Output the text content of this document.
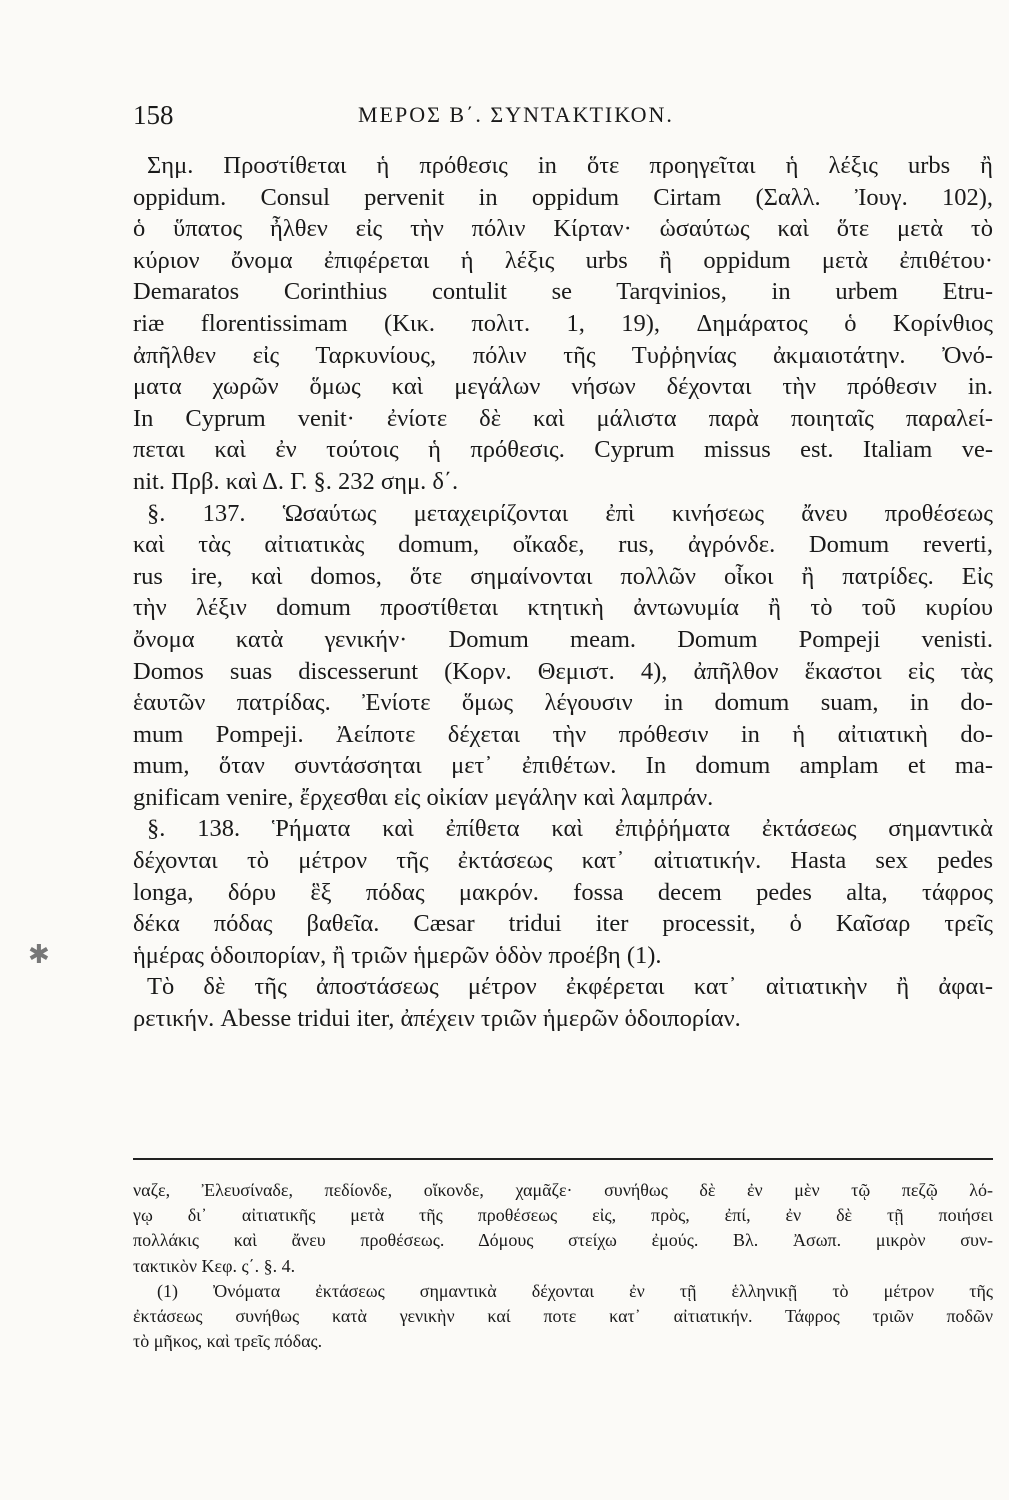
158	ΜΕΡΟΣ Β΄. ΣΥΝΤΑΚΤΙΚΟΝ.
Σημ. Προστίθεται ἡ πρόθεσις in ὅτε προηγεῖται ἡ λέξις urbs ἢ
oppidum. Consul pervenit in oppidum Cirtam (Σαλλ. Ἰουγ. 102),
ὁ ὕπατος ἦλθεν εἰς τὴν πόλιν Κίρταν· ὡσαύτως καὶ ὅτε μετὰ τὸ
κύριον ὄνομα ἐπιφέρεται ἡ λέξις urbs ἢ oppidum μετὰ ἐπιθέτου·
Demaratos Corinthius contulit se Tarqvinios, in urbem Etru-
riæ florentissimam (Κικ. πολιτ. 1, 19), Δημάρατος ὁ Κορίνθιος
ἀπῆλθεν εἰς Ταρκυνίους, πόλιν τῆς Τυῤῥηνίας ἀκμαιοτάτην. Ὀνό-
ματα χωρῶν ὅμως καὶ μεγάλων νήσων δέχονται τὴν πρόθεσιν in.
In Cyprum venit· ἐνίοτε δὲ καὶ μάλιστα παρὰ ποιηταῖς παραλεί-
πεται καὶ ἐν τούτοις ἡ πρόθεσις. Cyprum missus est. Italiam ve-
nit. Πρβ. καὶ Δ. Γ. §. 232 σημ. δ΄.
§. 137. Ὡσαύτως μεταχειρίζονται ἐπὶ κινήσεως ἄνευ προθέσεως
καὶ τὰς αἰτιατικὰς domum, οἴκαδε, rus, ἀγρόνδε. Domum reverti,
rus ire, καὶ domos, ὅτε σημαίνονται πολλῶν οἶκοι ἢ πατρίδες. Εἰς
τὴν λέξιν domum προστίθεται κτητικὴ ἀντωνυμία ἢ τὸ τοῦ κυρίου
ὄνομα κατὰ γενικήν· Domum meam. Domum Pompeji venisti.
Domos suas discesserunt (Κορν. Θεμιστ. 4), ἀπῆλθον ἕκαστοι εἰς τὰς
ἑαυτῶν πατρίδας. Ἐνίοτε ὅμως λέγουσιν in domum suam, in do-
mum Pompeji. Ἀείποτε δέχεται τὴν πρόθεσιν in ἡ αἰτιατικὴ do-
mum, ὅταν συντάσσηται μετ᾽ ἐπιθέτων. In domum amplam et ma-
gnificam venire, ἔρχεσθαι εἰς οἰκίαν μεγάλην καὶ λαμπράν.
§. 138. Ῥήματα καὶ ἐπίθετα καὶ ἐπιῤῥήματα ἐκτάσεως σημαντικὰ
δέχονται τὸ μέτρον τῆς ἐκτάσεως κατ᾽ αἰτιατικήν. Hasta sex pedes
longa, δόρυ ἓξ πόδας μακρόν. fossa decem pedes alta, τάφρος
δέκα πόδας βαθεῖα. Cæsar tridui iter processit, ὁ Καῖσαρ τρεῖς
ἡμέρας ὁδοιπορίαν, ἢ τριῶν ἡμερῶν ὁδὸν προέβη (1).
Τὸ δὲ τῆς ἀποστάσεως μέτρον ἐκφέρεται κατ᾽ αἰτιατικὴν ἢ ἀφαι-
ρετικήν. Abesse tridui iter, ἀπέχειν τριῶν ἡμερῶν ὁδοιπορίαν.
ναζε, Ἐλευσίναδε, πεδίονδε, οἴκονδε, χαμᾶζε· συνήθως δὲ ἐν μὲν τῷ πεζῷ λό-
γῳ δι᾽ αἰτιατικῆς μετὰ τῆς προθέσεως εἰς, πρὸς, ἐπί, ἐν δὲ τῇ ποιήσει
πολλάκις καὶ ἄνευ προθέσεως. Δόμους στείχω ἐμούς. Βλ. Ἀσωπ. μικρὸν συν-
τακτικὸν Κεφ. ς΄. §. 4.
(1) Ὀνόματα ἐκτάσεως σημαντικὰ δέχονται ἐν τῇ ἑλληνικῇ τὸ μέτρον τῆς
ἐκτάσεως συνήθως κατὰ γενικὴν καί ποτε κατ᾽ αἰτιατικήν. Τάφρος τριῶν ποδῶν
τὸ μῆκος, καὶ τρεῖς πόδας.
✱
